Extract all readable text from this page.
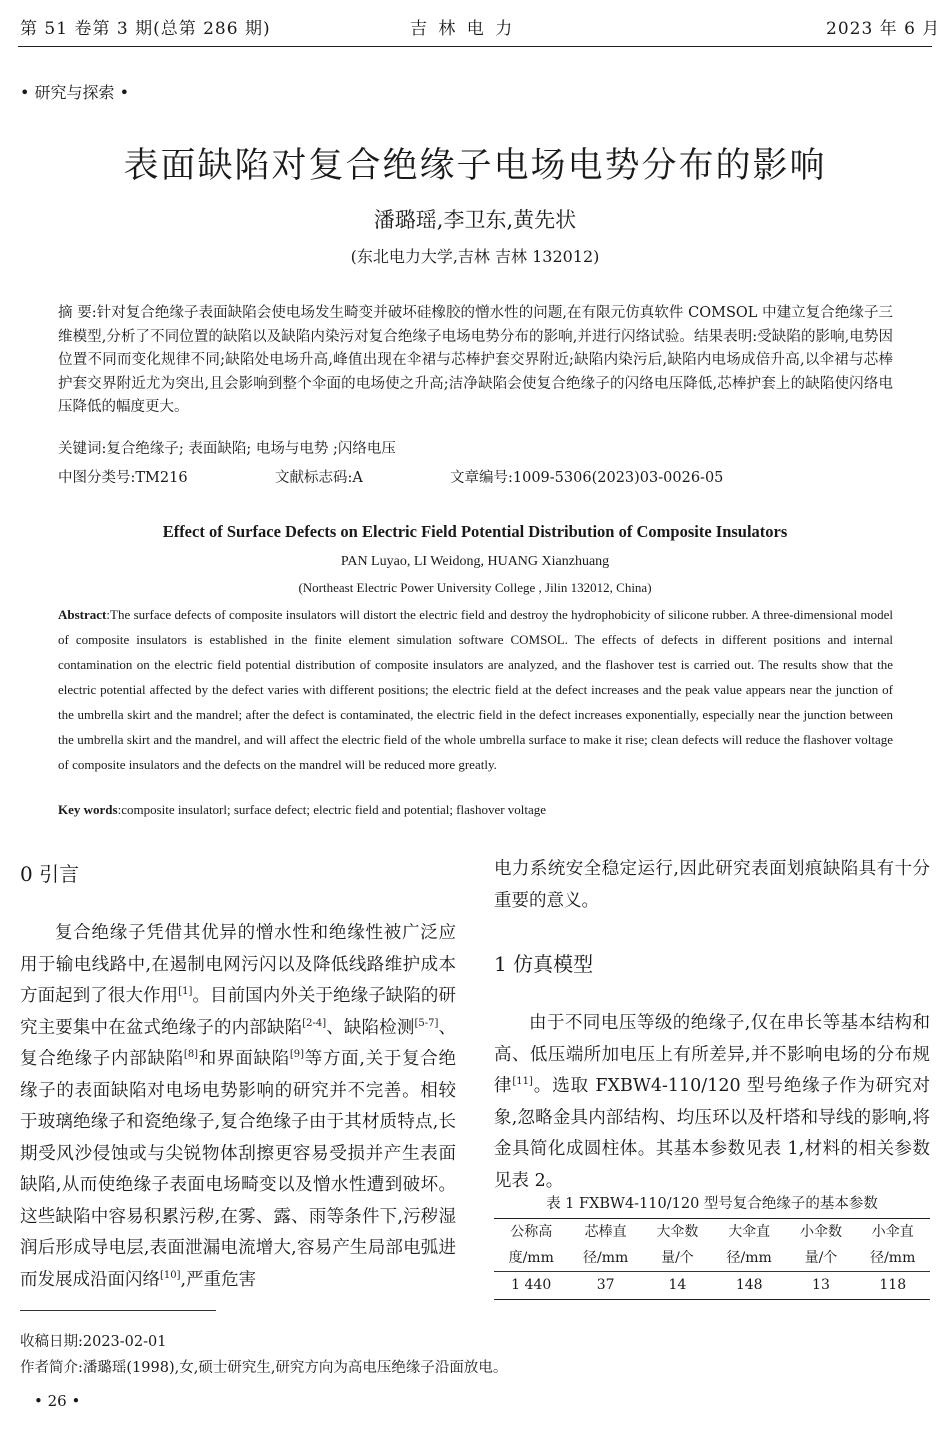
第 51 卷第 3 期(总第 286 期)	吉 林 电 力	2023 年 6 月
• 研究与探索 •
表面缺陷对复合绝缘子电场电势分布的影响
潘璐瑶,李卫东,黄先状
(东北电力大学,吉林 吉林 132012)
摘 要:针对复合绝缘子表面缺陷会使电场发生畸变并破坏硅橡胶的憎水性的问题,在有限元仿真软件 COMSOL 中建立复合绝缘子三维模型,分析了不同位置的缺陷以及缺陷内染污对复合绝缘子电场电势分布的影响,并进行闪络试验。结果表明:受缺陷的影响,电势因位置不同而变化规律不同;缺陷处电场升高,峰值出现在伞裙与芯棒护套交界附近;缺陷内染污后,缺陷内电场成倍升高,以伞裙与芯棒护套交界附近尤为突出,且会影响到整个伞面的电场使之升高;洁净缺陷会使复合绝缘子的闪络电压降低,芯棒护套上的缺陷使闪络电压降低的幅度更大。
关键词:复合绝缘子; 表面缺陷; 电场与电势 ;闪络电压
中图分类号:TM216	文献标志码:A	文章编号:1009-5306(2023)03-0026-05
Effect of Surface Defects on Electric Field Potential Distribution of Composite Insulators
PAN Luyao, LI Weidong, HUANG Xianzhuang
(Northeast Electric Power University College , Jilin 132012, China)
Abstract:The surface defects of composite insulators will distort the electric field and destroy the hydrophobicity of silicone rubber. A three-dimensional model of composite insulators is established in the finite element simulation software COMSOL. The effects of defects in different positions and internal contamination on the electric field potential distribution of composite insulators are analyzed, and the flashover test is carried out. The results show that the electric potential affected by the defect varies with different positions; the electric field at the defect increases and the peak value appears near the junction of the umbrella skirt and the mandrel; after the defect is contaminated, the electric field in the defect increases exponentially, especially near the junction between the umbrella skirt and the mandrel, and will affect the electric field of the whole umbrella surface to make it rise; clean defects will reduce the flashover voltage of composite insulators and the defects on the mandrel will be reduced more greatly.
Key words:composite insulatorl; surface defect; electric field and potential; flashover voltage
0 引言
复合绝缘子凭借其优异的憎水性和绝缘性被广泛应用于输电线路中,在遏制电网污闪以及降低线路维护成本方面起到了很大作用[1]。目前国内外关于绝缘子缺陷的研究主要集中在盆式绝缘子的内部缺陷[2-4]、缺陷检测[5-7]、复合绝缘子内部缺陷[8]和界面缺陷[9]等方面,关于复合绝缘子的表面缺陷对电场电势影响的研究并不完善。相较于玻璃绝缘子和瓷绝缘子,复合绝缘子由于其材质特点,长期受风沙侵蚀或与尖锐物体刮擦更容易受损并产生表面缺陷,从而使绝缘子表面电场畸变以及憎水性遭到破坏。这些缺陷中容易积累污秽,在雾、露、雨等条件下,污秽湿润后形成导电层,表面泄漏电流增大,容易产生局部电弧进而发展成沿面闪络[10],严重危害
电力系统安全稳定运行,因此研究表面划痕缺陷具有十分重要的意义。
1 仿真模型
由于不同电压等级的绝缘子,仅在串长等基本结构和高、低压端所加电压上有所差异,并不影响电场的分布规律[11]。选取 FXBW4-110/120 型号绝缘子作为研究对象,忽略金具内部结构、均压环以及杆塔和导线的影响,将金具简化成圆柱体。其基本参数见表 1,材料的相关参数见表 2。
表 1 FXBW4-110/120 型号复合绝缘子的基本参数
公称高	芯棒直	大伞数	大伞直	小伞数	小伞直
度/mm	径/mm	量/个	径/mm	量/个	径/mm
1 440	37	14	148	13	118
收稿日期:2023-02-01
作者简介:潘璐瑶(1998),女,硕士研究生,研究方向为高电压绝缘子沿面放电。
• 26 •
